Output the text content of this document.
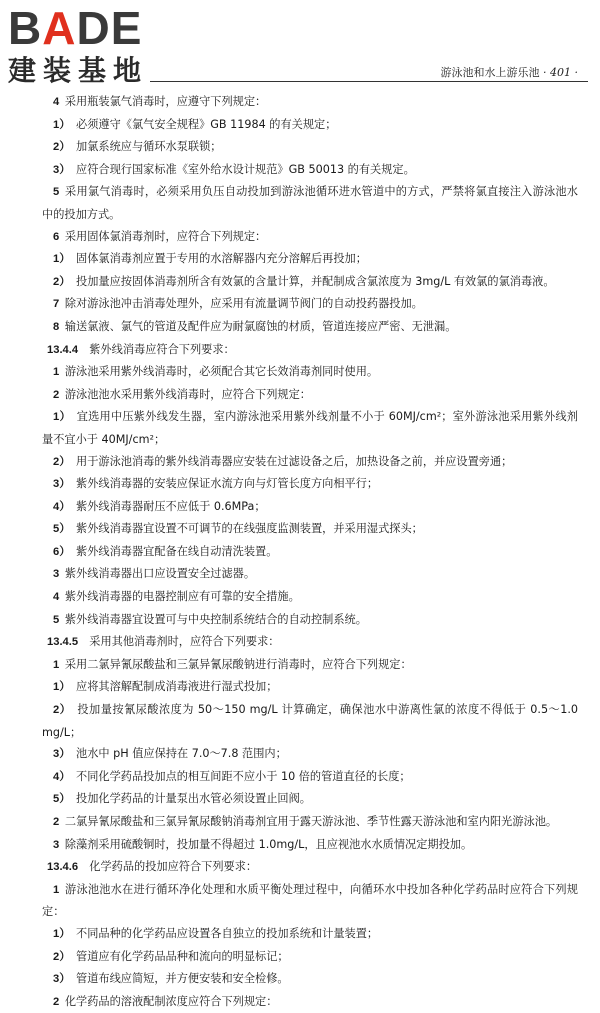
BADE
建装基地	游泳池和水上游乐池 · 401 ·

4  采用瓶装氯气消毒时，应遵守下列规定：

1）  必须遵守《氯气安全规程》GB 11984 的有关规定；

2）  加氯系统应与循环水泵联锁；

3）  应符合现行国家标准《室外给水设计规范》GB 50013 的有关规定。

5  采用氯气消毒时，必须采用负压自动投加到游泳池循环进水管道中的方式，严禁将氯直接注入游泳池水中的投加方式。

6  采用固体氯消毒剂时，应符合下列规定：

1）  固体氯消毒剂应置于专用的水溶解器内充分溶解后再投加；

2）  投加量应按固体消毒剂所含有效氯的含量计算，并配制成含氯浓度为 3mg/L 有效氯的氯消毒液。

7  除对游泳池冲击消毒处理外，应采用有流量调节阀门的自动投药器投加。

8  输送氯液、氯气的管道及配件应为耐氯腐蚀的材质，管道连接应严密、无泄漏。

13.4.4  紫外线消毒应符合下列要求：

1  游泳池采用紫外线消毒时，必须配合其它长效消毒剂同时使用。

2  游泳池池水采用紫外线消毒时，应符合下列规定：

1）  宜选用中压紫外线发生器，室内游泳池采用紫外线剂量不小于 60MJ/cm²；室外游泳池采用紫外线剂量不宜小于 40MJ/cm²；

2）  用于游泳池消毒的紫外线消毒器应安装在过滤设备之后，加热设备之前，并应设置旁通；

3）  紫外线消毒器的安装应保证水流方向与灯管长度方向相平行；

4）  紫外线消毒器耐压不应低于 0.6MPa；

5）  紫外线消毒器宜设置不可调节的在线强度监测装置，并采用湿式探头；

6）  紫外线消毒器宜配备在线自动清洗装置。

3  紫外线消毒器出口应设置安全过滤器。

4  紫外线消毒器的电器控制应有可靠的安全措施。

5  紫外线消毒器宜设置可与中央控制系统结合的自动控制系统。

13.4.5  采用其他消毒剂时，应符合下列要求：

1  采用二氯异氰尿酸盐和三氯异氰尿酸钠进行消毒时，应符合下列规定：

1）  应将其溶解配制成消毒液进行湿式投加；

2）  投加量按氰尿酸浓度为 50～150 mg/L 计算确定，确保池水中游离性氯的浓度不得低于 0.5～1.0 mg/L；

3）  池水中 pH 值应保持在 7.0～7.8 范围内；

4）  不同化学药品投加点的相互间距不应小于 10 倍的管道直径的长度；

5）  投加化学药品的计量泵出水管必须设置止回阀。

2  二氯异氰尿酸盐和三氯异氰尿酸钠消毒剂宜用于露天游泳池、季节性露天游泳池和室内阳光游泳池。

3  除藻剂采用硫酸铜时，投加量不得超过 1.0mg/L，且应视池水水质情况定期投加。

13.4.6  化学药品的投加应符合下列要求：

1  游泳池池水在进行循环净化处理和水质平衡处理过程中，向循环水中投加各种化学药品时应符合下列规定：

1）  不同品种的化学药品应设置各自独立的投加系统和计量装置；

2）  管道应有化学药品品种和流向的明显标记；

3）  管道布线应简短，并方便安装和安全检修。

2  化学药品的溶液配制浓度应符合下列规定：
